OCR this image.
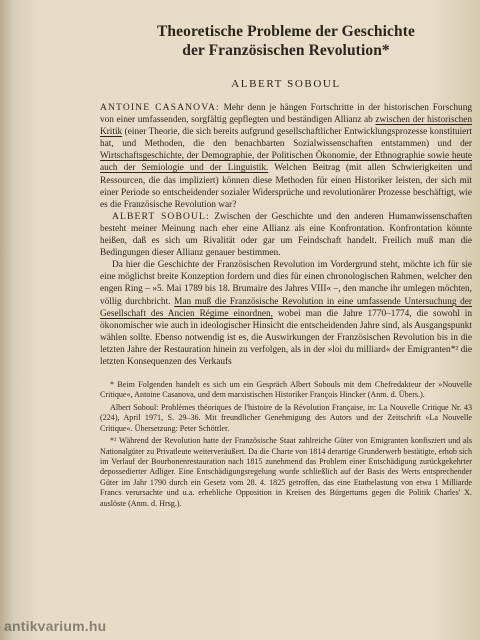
Theoretische Probleme der Geschichte
der Französischen Revolution*
ALBERT SOBOUL

ANTOINE CASANOVA: Mehr denn je hängen Fortschritte in der historischen Forschung von einer umfassenden, sorgfältig gepflegten und beständigen Allianz ab zwischen der historischen Kritik (einer Theorie, die sich bereits aufgrund gesellschaftlicher Entwicklungsprozesse konstituiert hat, und Methoden, die den benachbarten Sozialwissenschaften entstammen) und der Wirtschaftsgeschichte, der Demographie, der Politischen Ökonomie, der Ethnographie sowie heute auch der Semiologie und der Linguistik. Welchen Beitrag (mit allen Schwierigkeiten und Ressourcen, die das impliziert) können diese Methoden für einen Historiker leisten, der sich mit einer Periode so entscheidender sozialer Widersprüche und revolutionärer Prozesse beschäftigt, wie es die Französische Revolution war?

ALBERT SOBOUL: Zwischen der Geschichte und den anderen Humanwissenschaften besteht meiner Meinung nach eher eine Allianz als eine Konfrontation. Konfrontation könnte heißen, daß es sich um Rivalität oder gar um Feindschaft handelt. Freilich muß man die Bedingungen dieser Allianz genauer bestimmen.

Da hier die Geschichte der Französischen Revolution im Vordergrund steht, möchte ich für sie eine möglichst breite Konzeption fordern und dies für einen chronologischen Rahmen, welcher den engen Ring – »5. Mai 1789 bis 18. Brumaire des Jahres VIII« –, den manche ihr umlegen möchten, völlig durchbricht. Man muß die Französische Revolution in eine umfassende Untersuchung der Gesellschaft des Ancien Régime einordnen, wobei man die Jahre 1770–1774, die sowohl in ökonomischer wie auch in ideologischer Hinsicht die entscheidenden Jahre sind, als Ausgangspunkt wählen sollte. Ebenso notwendig ist es, die Auswirkungen der Französischen Revolution bis in die letzten Jahre der Restauration hinein zu verfolgen, als in der »loi du milliard« der Emigranten*² die letzten Konsequenzen des Verkaufs

* Beim Folgenden handelt es sich um ein Gespräch Albert Sobouls mit dem Chefredakteur der »Nouvelle Critique«, Antoine Casanova, und dem marxistischen Historiker François Hincker (Anm. d. Übers.).

Albert Soboul: Problèmes théoriques de l'histoire de la Révolution Française, in: La Nouvelle Critique Nr. 43 (224), April 1971, S. 29–36. Mit freundlicher Genehmigung des Autors und der Zeitschrift »La Nouvelle Critique«. Übersetzung: Peter Schöttler.

*² Während der Revolution hatte der Französische Staat zahlreiche Güter von Emigranten konfisziert und als Nationalgüter zu Privatleute weiterveräußert. Da die Charte von 1814 derartige Grunderwerb bestätigte, erhob sich im Verlauf der Bourbonenrestauration nach 1815 zunehmend das Problem einer Entschädigung zurückgekehrter depossedierter Adliger. Eine Entschädigungsregelung wurde schließlich auf der Basis des Werts entsprechender Güter im Jahr 1790 durch ein Gesetz vom 28. 4. 1825 getroffen, das eine Etatbelastung von etwa 1 Milliarde Francs verursachte und u.a. erhebliche Opposition in Kreisen des Bürgertums gegen die Politik Charles' X. auslöste (Anm. d. Hrsg.).

antikvarium.hu
